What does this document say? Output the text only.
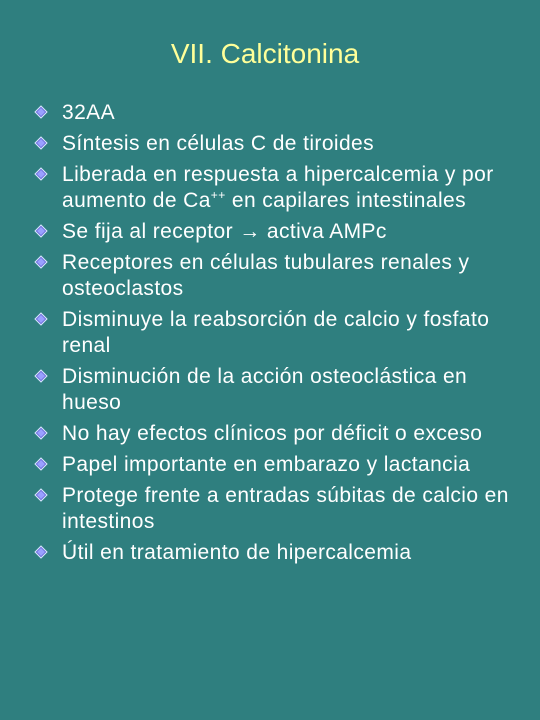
VII. Calcitonina
32AA
Síntesis en células C de tiroides
Liberada en respuesta a hipercalcemia y por aumento de Ca++ en capilares intestinales
Se fija al receptor → activa AMPc
Receptores en células tubulares renales y osteoclastos
Disminuye la reabsorción de calcio y fosfato renal
Disminución de la acción osteoclástica en hueso
No hay efectos clínicos por déficit o exceso
Papel importante en embarazo y lactancia
Protege frente a entradas súbitas de calcio en intestinos
Útil en tratamiento de hipercalcemia
